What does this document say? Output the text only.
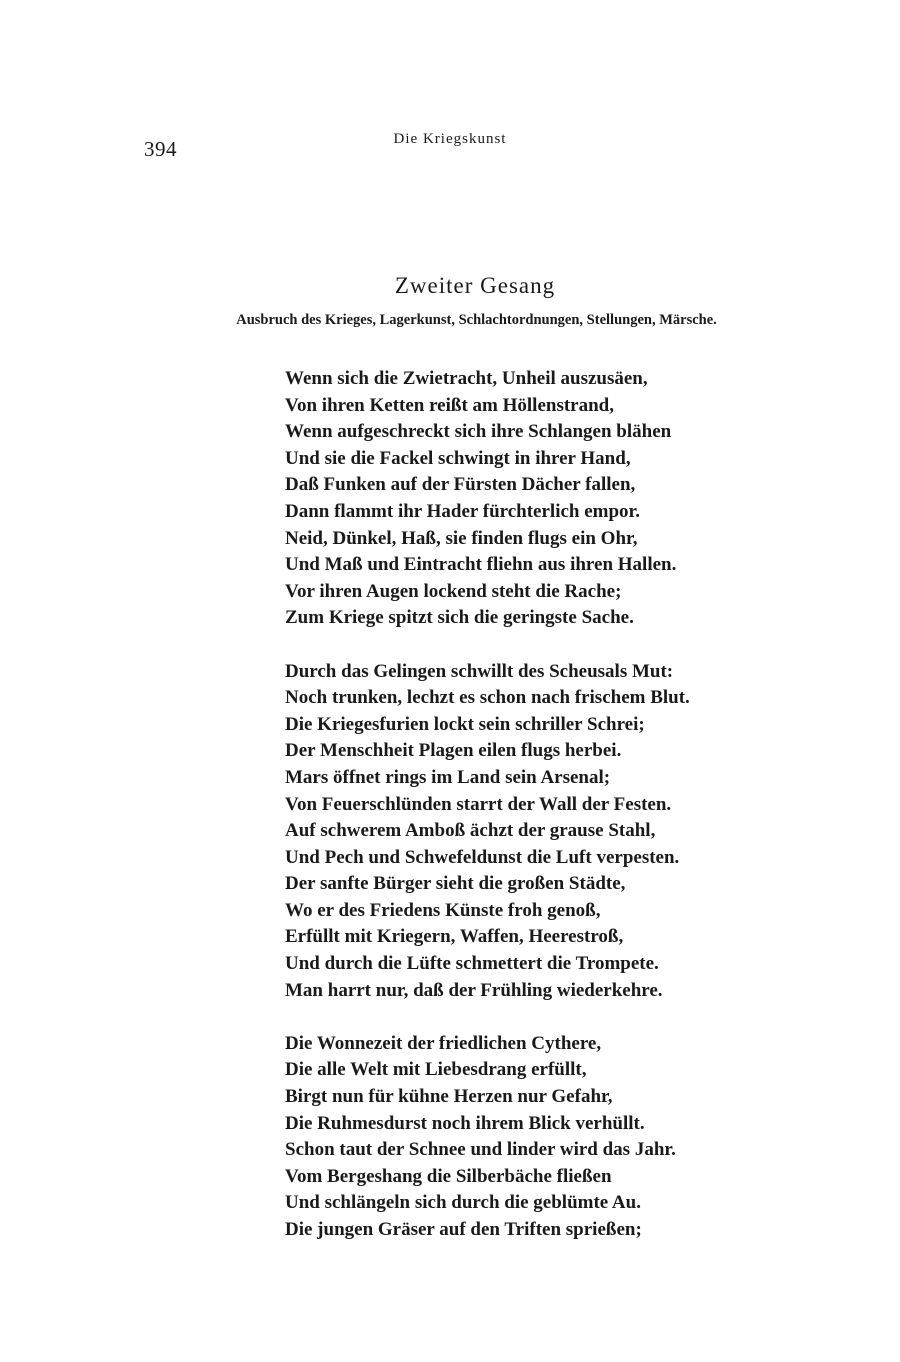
394	Die Kriegskunst
Zweiter Gesang
Ausbruch des Krieges, Lagerkunst, Schlachtordnungen, Stellungen, Märsche.
Wenn sich die Zwietracht, Unheil auszusäen,
Von ihren Ketten reißt am Höllenstrand,
Wenn aufgeschreckt sich ihre Schlangen blähen
Und sie die Fackel schwingt in ihrer Hand,
Daß Funken auf der Fürsten Dächer fallen,
Dann flammt ihr Hader fürchterlich empor.
Neid, Dünkel, Haß, sie finden flugs ein Ohr,
Und Maß und Eintracht fliehn aus ihren Hallen.
Vor ihren Augen lockend steht die Rache;
Zum Kriege spitzt sich die geringste Sache.
Durch das Gelingen schwillt des Scheusals Mut:
Noch trunken, lechzt es schon nach frischem Blut.
Die Kriegesfurien lockt sein schriller Schrei;
Der Menschheit Plagen eilen flugs herbei.
Mars öffnet rings im Land sein Arsenal;
Von Feuerschlünden starrt der Wall der Festen.
Auf schwerem Amboß ächzt der grause Stahl,
Und Pech und Schwefeldunst die Luft verpesten.
Der sanfte Bürger sieht die großen Städte,
Wo er des Friedens Künste froh genoß,
Erfüllt mit Kriegern, Waffen, Heerestroß,
Und durch die Lüfte schmettert die Trompete.
Man harrt nur, daß der Frühling wiederkehre.
Die Wonnezeit der friedlichen Cythere,
Die alle Welt mit Liebesdrang erfüllt,
Birgt nun für kühne Herzen nur Gefahr,
Die Ruhmesdurst noch ihrem Blick verhüllt.
Schon taut der Schnee und linder wird das Jahr.
Vom Bergeshang die Silberbäche fließen
Und schlängeln sich durch die geblümte Au.
Die jungen Gräser auf den Triften sprießen;
